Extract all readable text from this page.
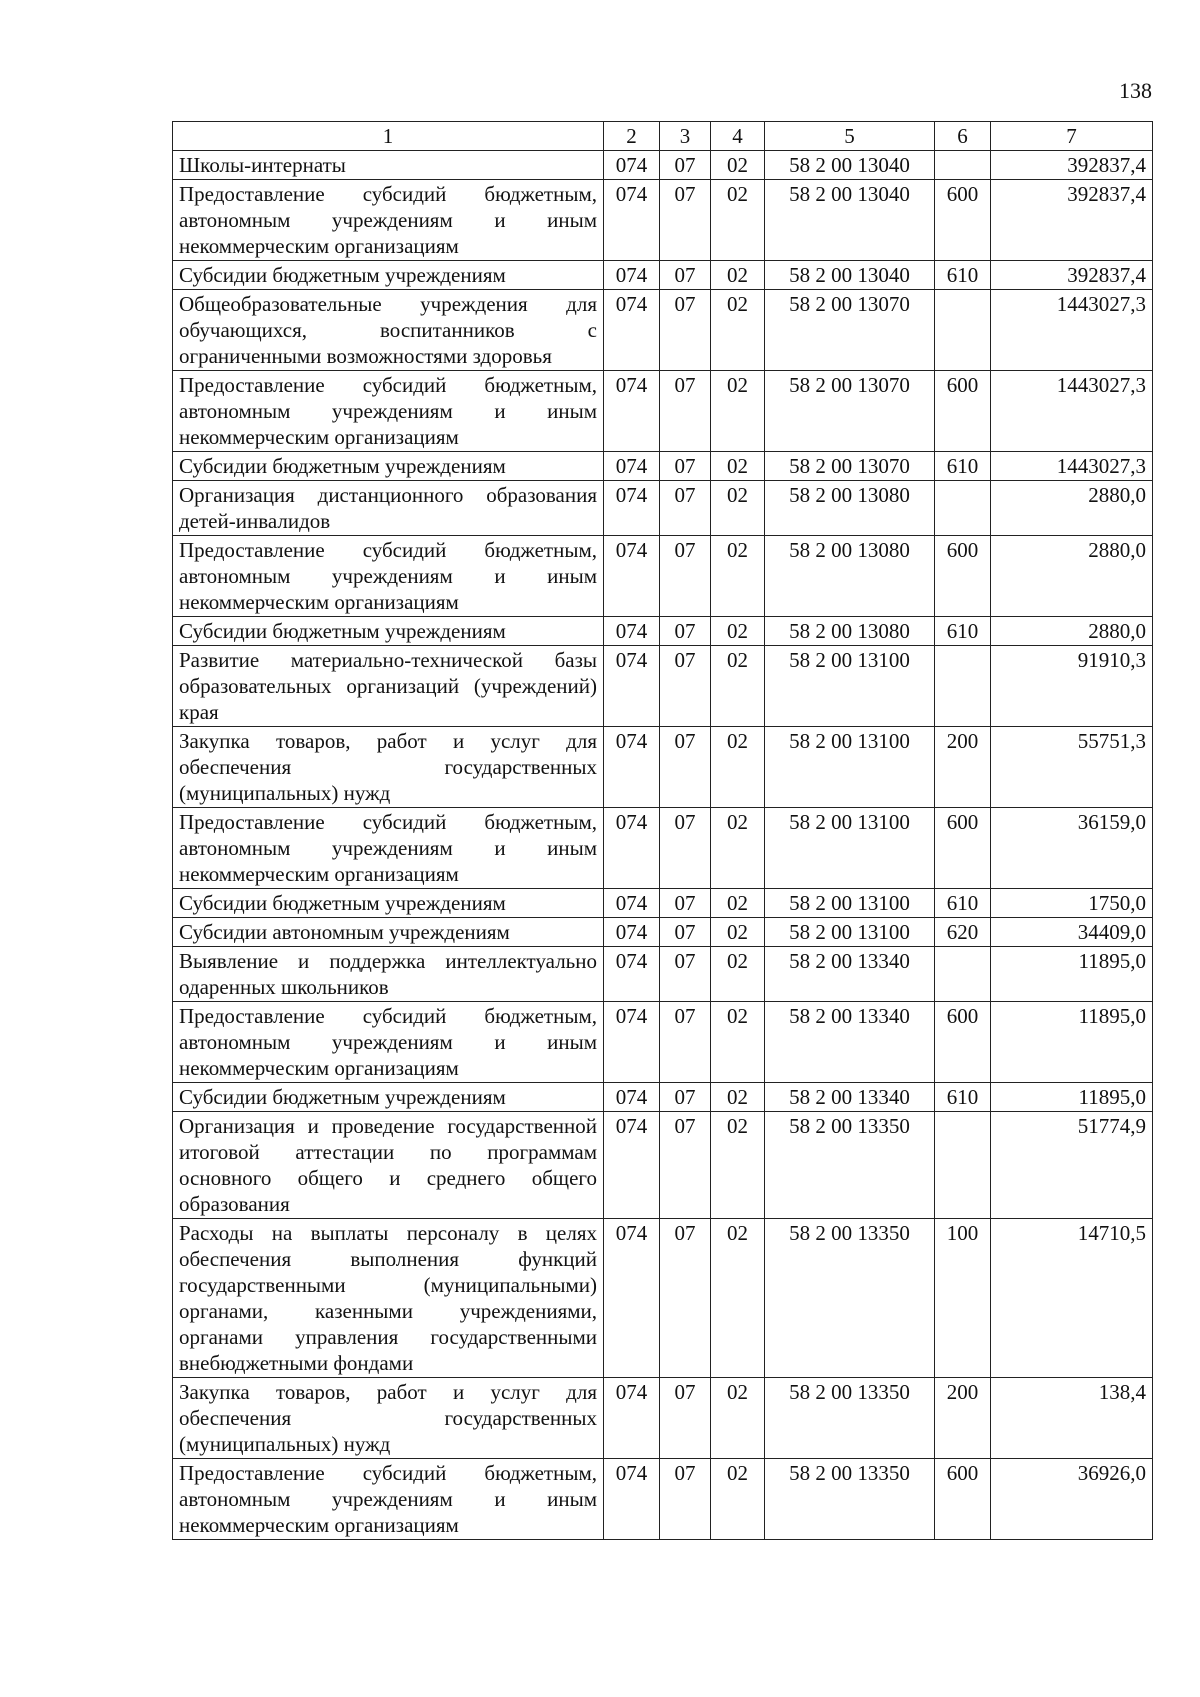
138
1	2	3	4	5	6	7
Школы-интернаты	074	07	02	58 2 00 13040		392837,4
Предоставление субсидий бюджетным, автономным учреждениям и иным некоммерческим организациям	074	07	02	58 2 00 13040	600	392837,4
Субсидии бюджетным учреждениям	074	07	02	58 2 00 13040	610	392837,4
Общеобразовательные учреждения для обучающихся, воспитанников с ограниченными возможностями здоровья	074	07	02	58 2 00 13070		1443027,3
Предоставление субсидий бюджетным, автономным учреждениям и иным некоммерческим организациям	074	07	02	58 2 00 13070	600	1443027,3
Субсидии бюджетным учреждениям	074	07	02	58 2 00 13070	610	1443027,3
Организация дистанционного образования детей-инвалидов	074	07	02	58 2 00 13080		2880,0
Предоставление субсидий бюджетным, автономным учреждениям и иным некоммерческим организациям	074	07	02	58 2 00 13080	600	2880,0
Субсидии бюджетным учреждениям	074	07	02	58 2 00 13080	610	2880,0
Развитие материально-технической базы образовательных организаций (учреждений) края	074	07	02	58 2 00 13100		91910,3
Закупка товаров, работ и услуг для обеспечения государственных (муниципальных) нужд	074	07	02	58 2 00 13100	200	55751,3
Предоставление субсидий бюджетным, автономным учреждениям и иным некоммерческим организациям	074	07	02	58 2 00 13100	600	36159,0
Субсидии бюджетным учреждениям	074	07	02	58 2 00 13100	610	1750,0
Субсидии автономным учреждениям	074	07	02	58 2 00 13100	620	34409,0
Выявление и поддержка интеллектуально одаренных школьников	074	07	02	58 2 00 13340		11895,0
Предоставление субсидий бюджетным, автономным учреждениям и иным некоммерческим организациям	074	07	02	58 2 00 13340	600	11895,0
Субсидии бюджетным учреждениям	074	07	02	58 2 00 13340	610	11895,0
Организация и проведение государственной итоговой аттестации по программам основного общего и среднего общего образования	074	07	02	58 2 00 13350		51774,9
Расходы на выплаты персоналу в целях обеспечения выполнения функций государственными (муниципальными) органами, казенными учреждениями, органами управления государственными внебюджетными фондами	074	07	02	58 2 00 13350	100	14710,5
Закупка товаров, работ и услуг для обеспечения государственных (муниципальных) нужд	074	07	02	58 2 00 13350	200	138,4
Предоставление субсидий бюджетным, автономным учреждениям и иным некоммерческим организациям	074	07	02	58 2 00 13350	600	36926,0
